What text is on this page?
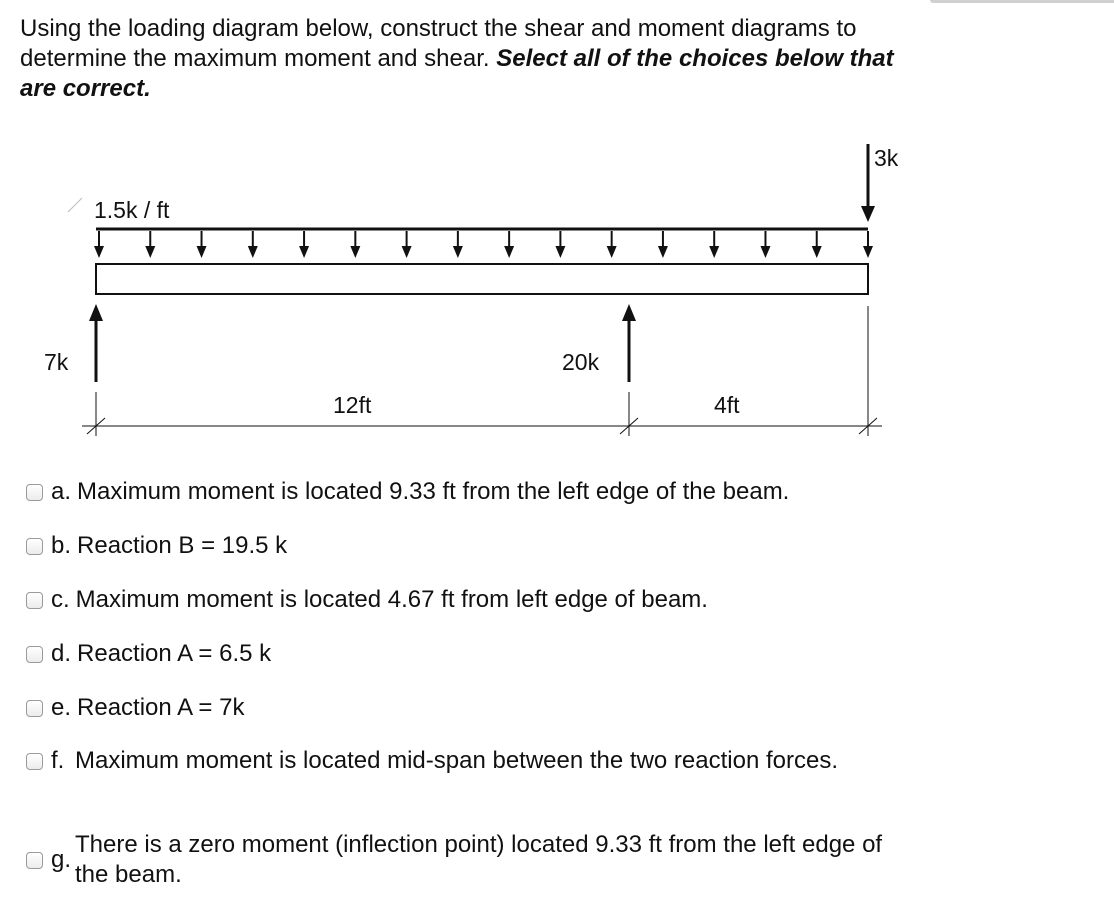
Using the loading diagram below, construct the shear and moment diagrams to determine the maximum moment and shear. Select all of the choices below that are correct.
1.5k / ft
3k
7k	20k
12ft	4ft
a. Maximum moment is located 9.33 ft from the left edge of the beam.
b. Reaction B = 19.5 k
c. Maximum moment is located 4.67 ft from left edge of beam.
d. Reaction A = 6.5 k
e. Reaction A = 7k
f. Maximum moment is located mid-span between the two reaction forces.
g.
There is a zero moment (inflection point) located 9.33 ft from the left edge of the beam.
